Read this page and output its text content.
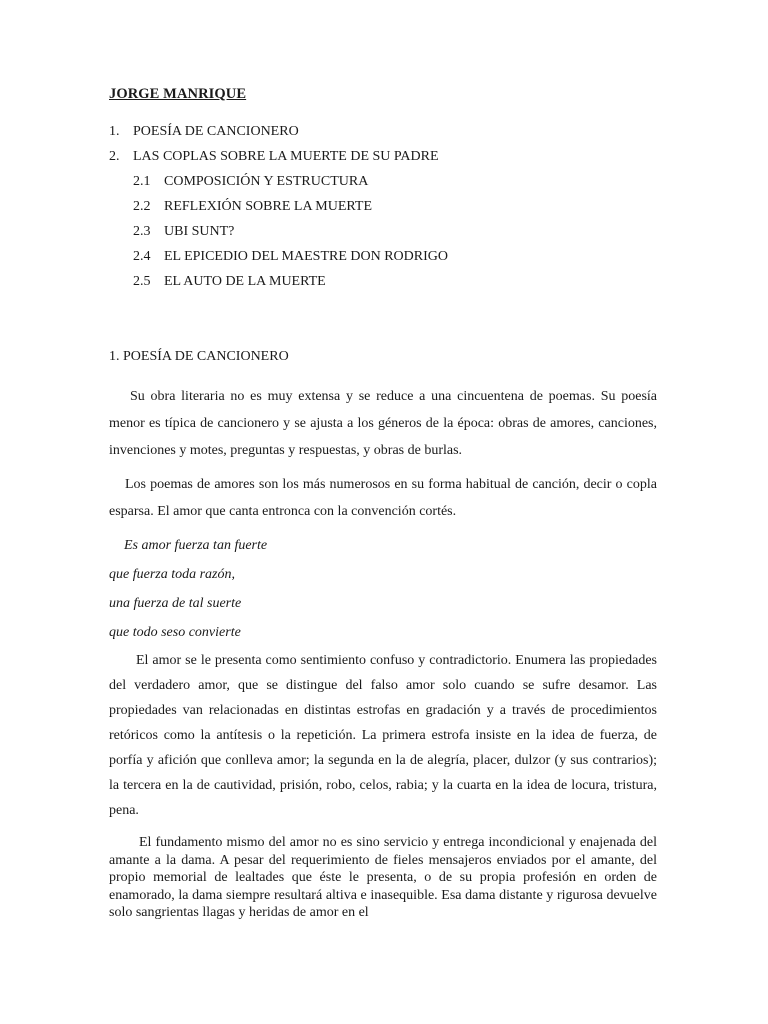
JORGE MANRIQUE
1. POESÍA DE CANCIONERO
2. LAS COPLAS SOBRE LA MUERTE DE SU PADRE
2.1 COMPOSICIÓN Y ESTRUCTURA
2.2 REFLEXIÓN SOBRE LA MUERTE
2.3 UBI SUNT?
2.4 EL EPICEDIO DEL MAESTRE DON RODRIGO
2.5 EL AUTO DE LA MUERTE
1. POESÍA DE CANCIONERO
Su obra literaria no es muy extensa y se reduce a una cincuentena de poemas. Su poesía menor es típica de cancionero y se ajusta a los géneros de la época: obras de amores, canciones, invenciones y motes, preguntas y respuestas, y obras de burlas.
Los poemas de amores son los más numerosos en su forma habitual de canción, decir o copla esparsa. El amor que canta entronca con la convención cortés.
Es amor fuerza tan fuerte
que fuerza toda razón,
una fuerza de tal suerte
que todo seso convierte
El amor se le presenta como sentimiento confuso y contradictorio. Enumera las propiedades del verdadero amor, que se distingue del falso amor solo cuando se sufre desamor. Las propiedades van relacionadas en distintas estrofas en gradación y a través de procedimientos retóricos como la antítesis o la repetición. La primera estrofa insiste en la idea de fuerza, de porfía y afición que conlleva amor; la segunda en la de alegría, placer, dulzor (y sus contrarios); la tercera en la de cautividad, prisión, robo, celos, rabia; y la cuarta en la idea de locura, tristura, pena.
El fundamento mismo del amor no es sino servicio y entrega incondicional y enajenada del amante a la dama. A pesar del requerimiento de fieles mensajeros enviados por el amante, del propio memorial de lealtades que éste le presenta, o de su propia profesión en orden de enamorado, la dama siempre resultará altiva e inasequible. Esa dama distante y rigurosa devuelve solo sangrientas llagas y heridas de amor en el
